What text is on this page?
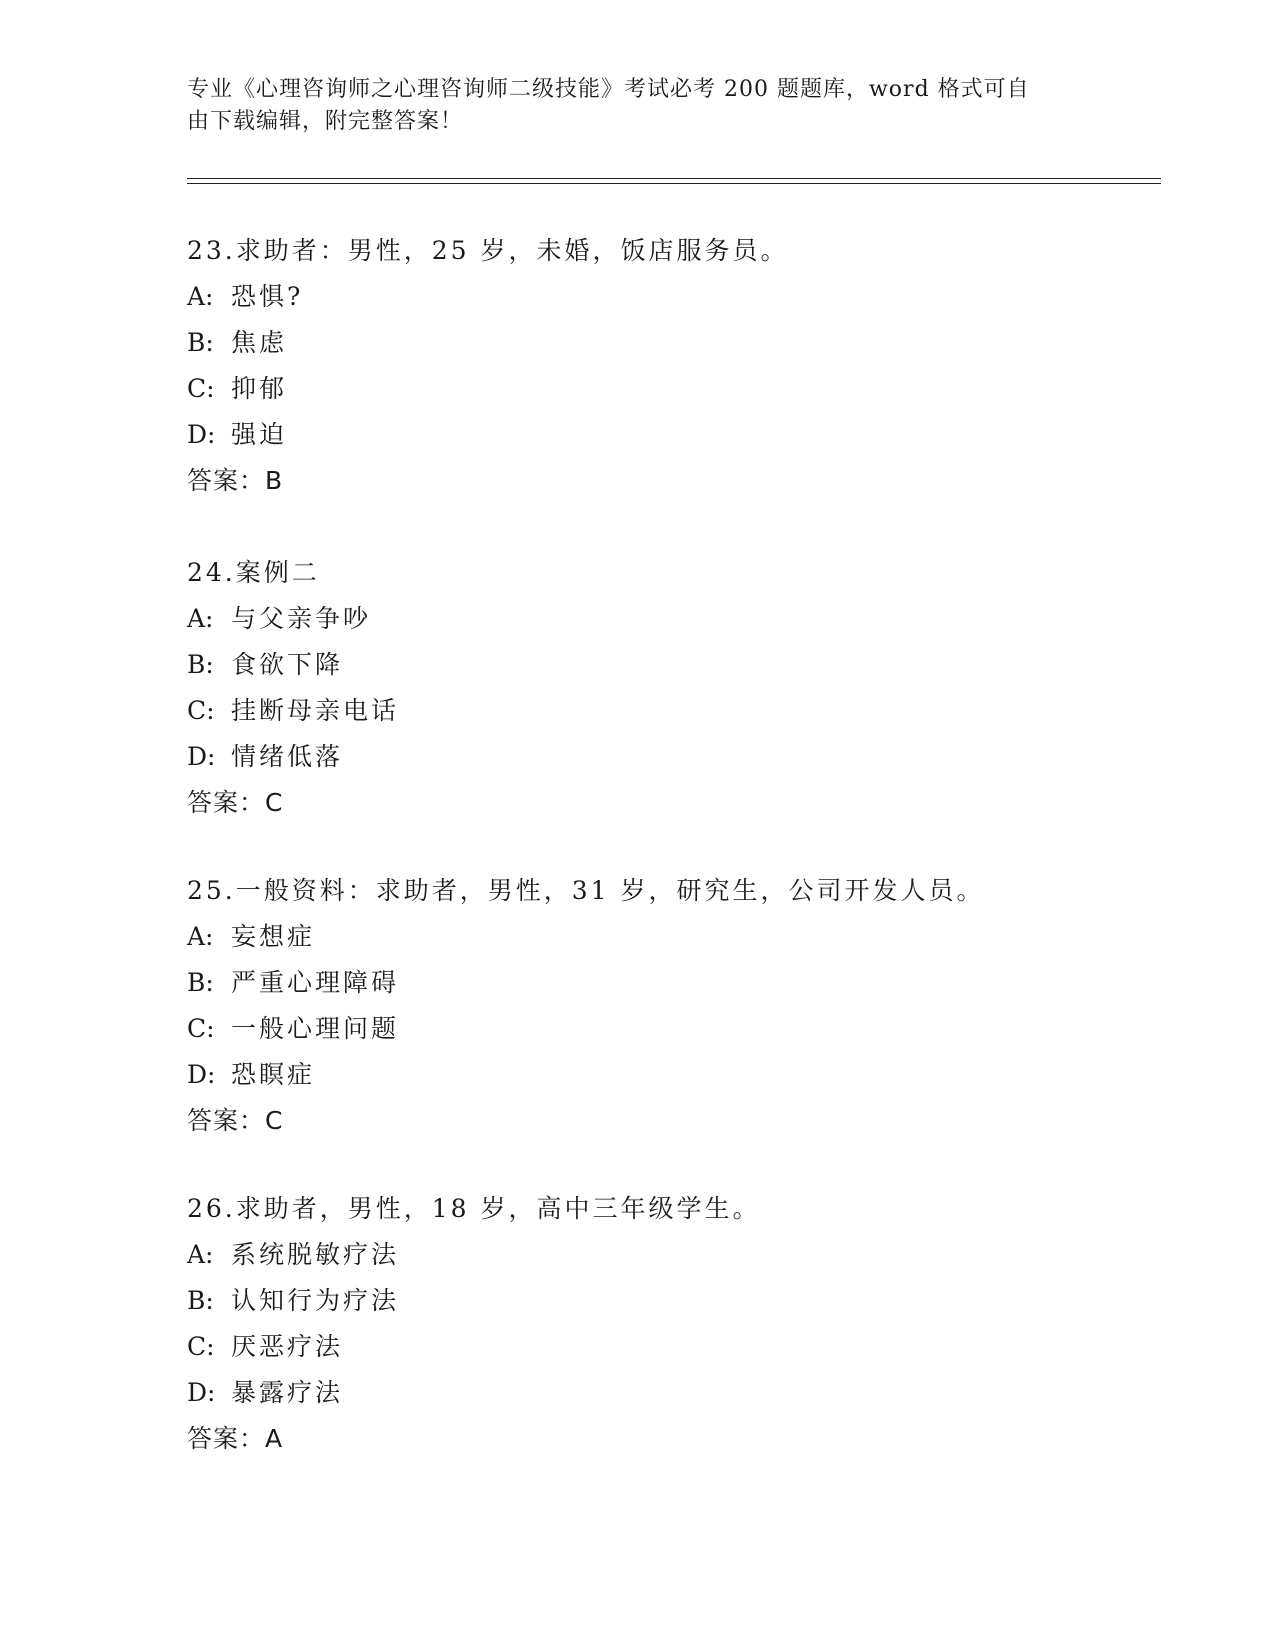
专业《心理咨询师之心理咨询师二级技能》考试必考 200 题题库，word 格式可自
由下载编辑，附完整答案！
23.求助者：男性，25 岁，未婚，饭店服务员。
A: 恐惧?
B: 焦虑
C: 抑郁
D: 强迫
答案：B
24.案例二
A: 与父亲争吵
B: 食欲下降
C: 挂断母亲电话
D: 情绪低落
答案：C
25.一般资料：求助者，男性，31 岁，研究生，公司开发人员。
A: 妄想症
B: 严重心理障碍
C: 一般心理问题
D: 恐瞑症
答案：C
26.求助者，男性，18 岁，高中三年级学生。
A: 系统脱敏疗法
B: 认知行为疗法
C: 厌恶疗法
D: 暴露疗法
答案：A
